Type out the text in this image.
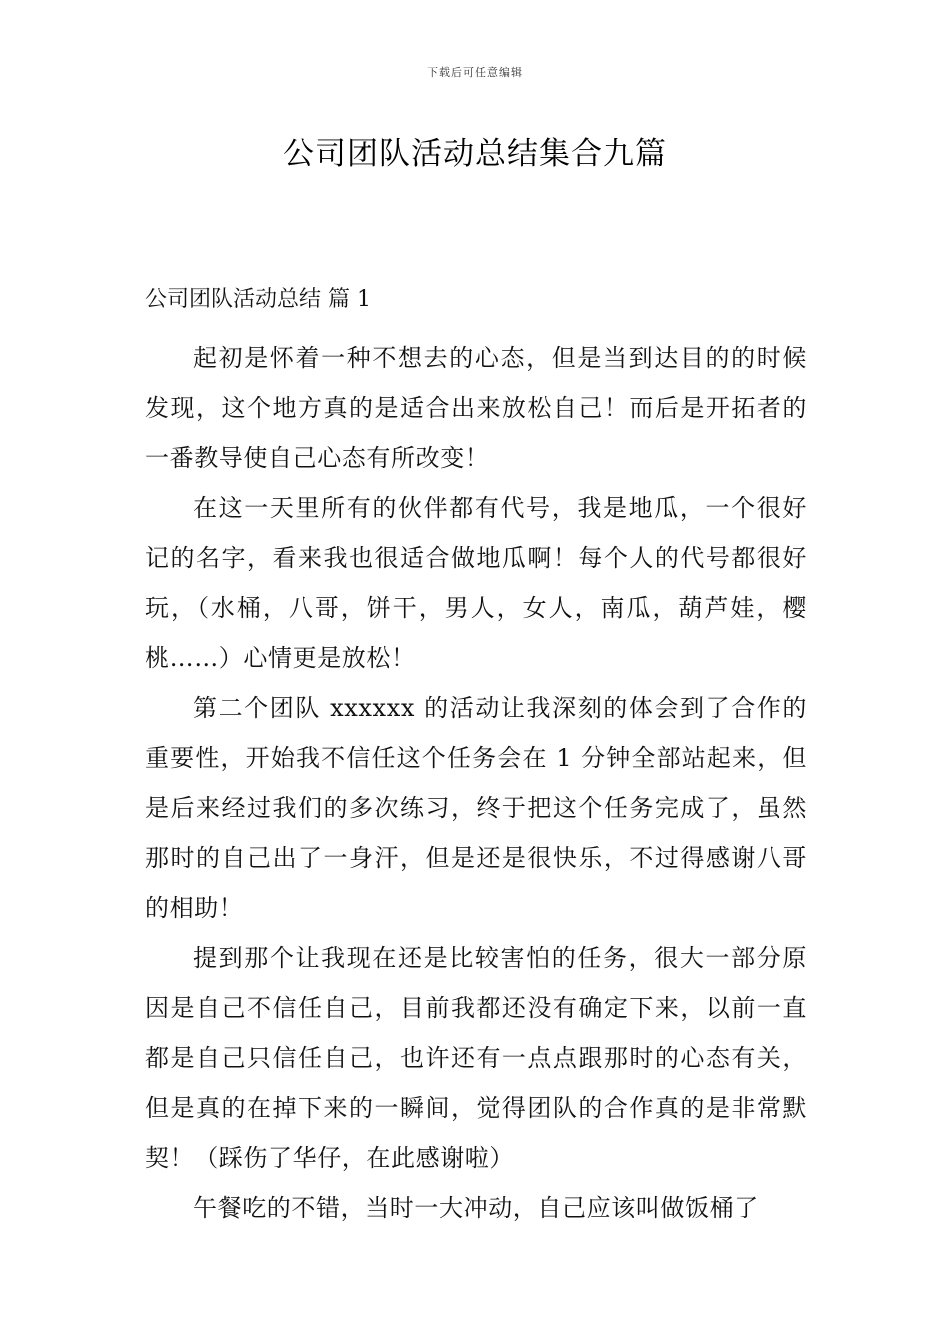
下载后可任意编辑
公司团队活动总结集合九篇

公司团队活动总结 篇 1

起初是怀着一种不想去的心态，但是当到达目的的时候发现，这个地方真的是适合出来放松自己！而后是开拓者的一番教导使自己心态有所改变！

在这一天里所有的伙伴都有代号，我是地瓜，一个很好记的名字，看来我也很适合做地瓜啊！每个人的代号都很好玩，（水桶，八哥，饼干，男人，女人，南瓜，葫芦娃，樱桃……）心情更是放松！

第二个团队 xxxxxx 的活动让我深刻的体会到了合作的重要性，开始我不信任这个任务会在 1 分钟全部站起来，但是后来经过我们的多次练习，终于把这个任务完成了，虽然那时的自己出了一身汗，但是还是很快乐，不过得感谢八哥的相助！

提到那个让我现在还是比较害怕的任务，很大一部分原因是自己不信任自己，目前我都还没有确定下来，以前一直都是自己只信任自己，也许还有一点点跟那时的心态有关，但是真的在掉下来的一瞬间，觉得团队的合作真的是非常默契！（踩伤了华仔，在此感谢啦）

午餐吃的不错，当时一大冲动，自己应该叫做饭桶了
